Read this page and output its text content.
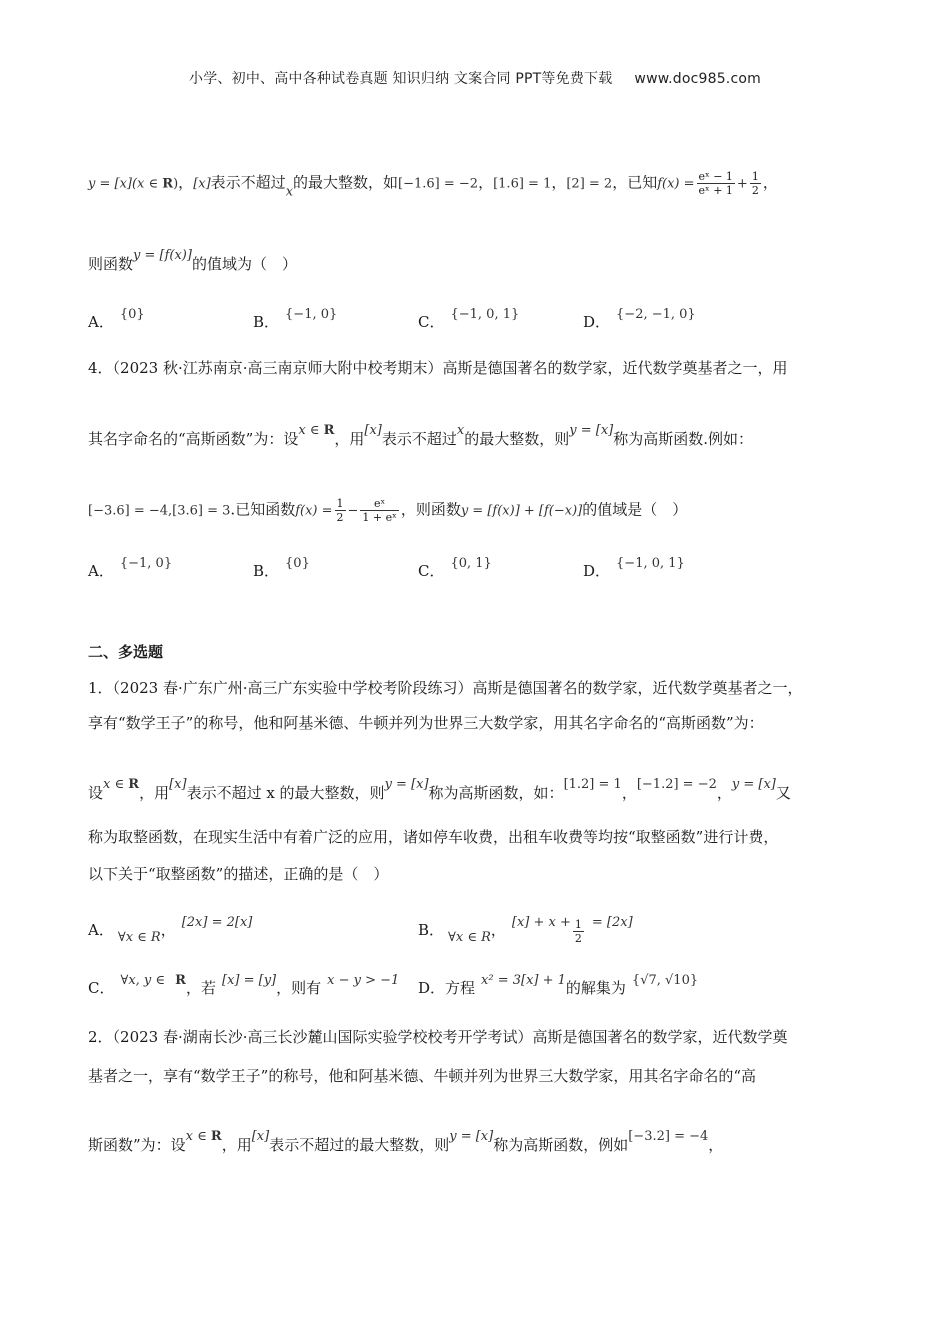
小学、初中、高中各种试卷真题 知识归纳 文案合同 PPT等免费下载 www.doc985.com
y = [x](x ∈ R)，[x]表示不超过x的最大整数，如[−1.6] = −2，[1.6] = 1，[2] = 2，已知$f(x) = \frac{\text{eˣ − 1}}{\text{eˣ + 1}} + \frac{1}{2}$ ，
则函数y = [f(x)]的值域为（　）
A． {0}	B． {−1, 0}	C． {−1, 0, 1}	D． {−2, −1, 0}
4．（2023 秋·江苏南京·高三南京师大附中校考期末）高斯是德国著名的数学家，近代数学奠基者之一，用
其名字命名的“高斯函数”为：设x ∈ R，用[x]表示不超过x的最大整数，则y = [x]称为高斯函数.例如：
[−3.6] = −4,[3.6] = 3.已知函数$f(x) = \frac{1}{2} - \frac{\text{eˣ}}{\text{1 + eˣ}}$ ，则函数y = [f(x)] + [f(−x)]的值域是（　）
A． {−1, 0}	B． {0}	C． {0, 1}	D． {−1, 0, 1}
二、多选题
1．（2023 春·广东广州·高三广东实验中学校考阶段练习）高斯是德国著名的数学家，近代数学奠基者之一，
享有“数学王子”的称号，他和阿基米德、牛顿并列为世界三大数学家，用其名字命名的“高斯函数”为：
设x ∈ R，用[x]表示不超过 x 的最大整数，则y = [x]称为高斯函数，如：[1.2] = 1，[−1.2] = −2，y = [x]又
称为取整函数，在现实生活中有着广泛的应用，诸如停车收费，出租车收费等均按“取整函数”进行计费，
以下关于“取整函数”的描述，正确的是（　）
A． ∀x ∈ R， [2x] = 2[x]	B． ∀x ∈ R， $[x] + x + \frac{1}{2} = [2x]$
C． ∀x, y ∈ R，若 [x] = [y]，则有 x − y > −1 D．方程 x² = 3[x] + 1的解集为 {√7, √10}
2．（2023 春·湖南长沙·高三长沙麓山国际实验学校校考开学考试）高斯是德国著名的数学家，近代数学奠
基者之一，享有“数学王子”的称号，他和阿基米德、牛顿并列为世界三大数学家，用其名字命名的“高
斯函数”为：设x ∈ R，用[x]表示不超过的最大整数，则y = [x]称为高斯函数，例如[−3.2] = −4，
